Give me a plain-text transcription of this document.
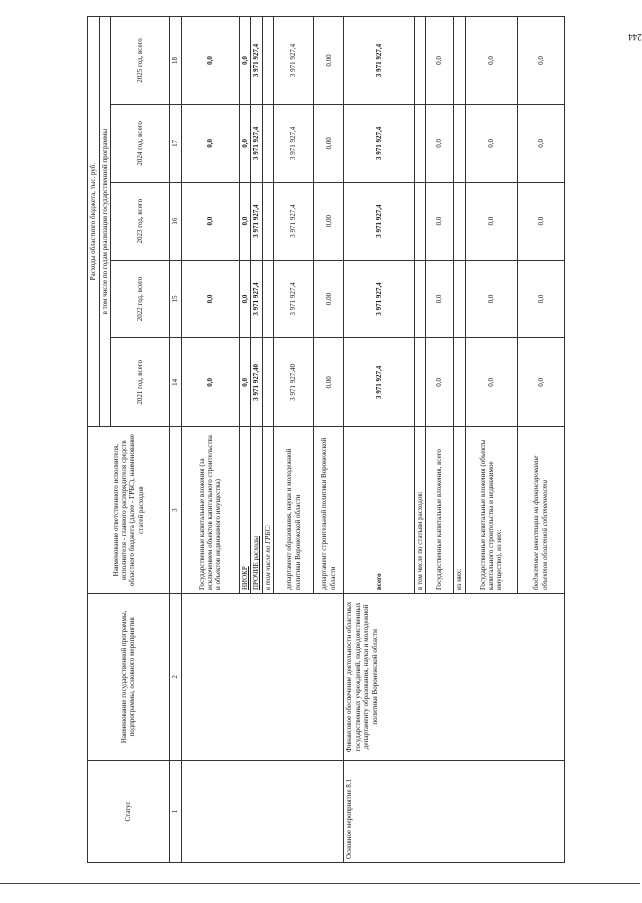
244
Статус	Наименование государственной программы, подпрограммы, основного мероприятия	Наименование ответственного исполнителя, исполнителя - главного распорядителя средств областного бюджета (далее - ГРБС), наименование статей расходов	Расходы областного бюджета, тыс. руб.				
			в том числе по годам реализации государственной программы				
			2021 год, всего	2022 год, всего	2023 год, всего	2024 год, всего	2025 год, всего
1	2	3	14	15	16	17	18
		Государственные капитальные вложения (за исключением объектов капитального строительства и объектов недвижимого имущества)	0,0	0,0	0,0	0,0	0,0
		НИОКР	0,0	0,0	0,0	0,0	0,0
		ПРОЧИЕ расходы	3 971 927,40	3 971 927,4	3 971 927,4	3 971 927,4	3 971 927,4
		в том числе по ГРБС:					
		департамент образования, науки и молодежной политики Воронежской области	3 971 927,40	3 971 927,4	3 971 927,4	3 971 927,4	3 971 927,4
		департамент строительной политики Воронежской области	0,00	0,00	0,00	0,00	0,00
Основное мероприятие 8.1	Финансовое обеспечение деятельности областных государственных учреждений, подведомственных департаменту образования, науки и молодежной политики Воронежской области	всего	3 971 927,4	3 971 927,4	3 971 927,4	3 971 927,4	3 971 927,4
		в том числе по статьям расходов:					
		Государственные капитальные вложения, всего	0,0	0,0	0,0	0,0	0,0
		из них:					
		Государственные капитальные вложения (объекты капитального строительства и недвижимое имущество), из них:	0,0	0,0	0,0	0,0	0,0
		бюджетные инвестиции на финансирование объектов областной собственности	0,0	0,0	0,0	0,0	0,0
